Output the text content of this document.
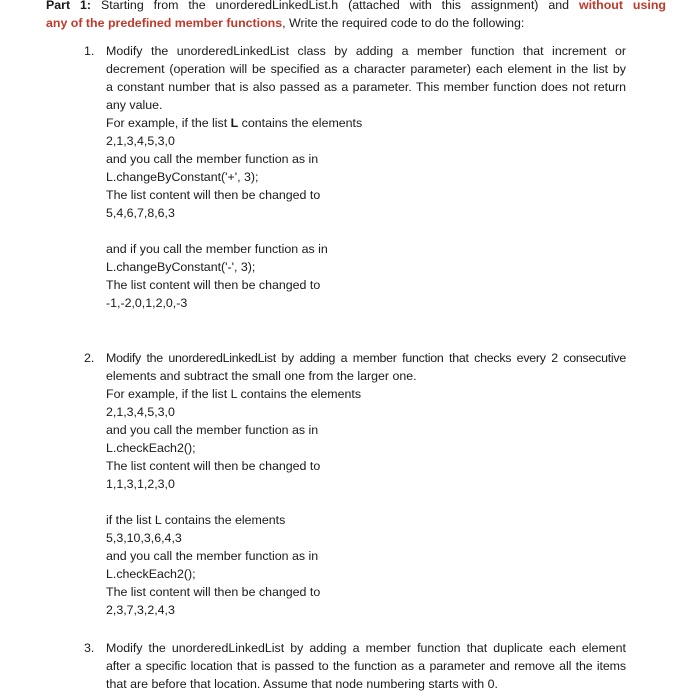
Part 1: Starting from the unorderedLinkedList.h (attached with this assignment) and without using
any of the predefined member functions, Write the required code to do the following:
1. Modify the unorderedLinkedList class by adding a member function that increment or
decrement (operation will be specified as a character parameter) each element in the list by
a constant number that is also passed as a parameter. This member function does not return
any value.
For example, if the list L contains the elements
2,1,3,4,5,3,0
and you call the member function as in
L.changeByConstant('+', 3);
The list content will then be changed to
5,4,6,7,8,6,3
and if you call the member function as in
L.changeByConstant('-', 3);
The list content will then be changed to
-1,-2,0,1,2,0,-3
2. Modify the unorderedLinkedList by adding a member function that checks every 2 consecutive
elements and subtract the small one from the larger one.
For example, if the list L contains the elements
2,1,3,4,5,3,0
and you call the member function as in
L.checkEach2();
The list content will then be changed to
1,1,3,1,2,3,0
if the list L contains the elements
5,3,10,3,6,4,3
and you call the member function as in
L.checkEach2();
The list content will then be changed to
2,3,7,3,2,4,3
3. Modify the unorderedLinkedList by adding a member function that duplicate each element
after a specific location that is passed to the function as a parameter and remove all the items
that are before that location. Assume that node numbering starts with 0.
